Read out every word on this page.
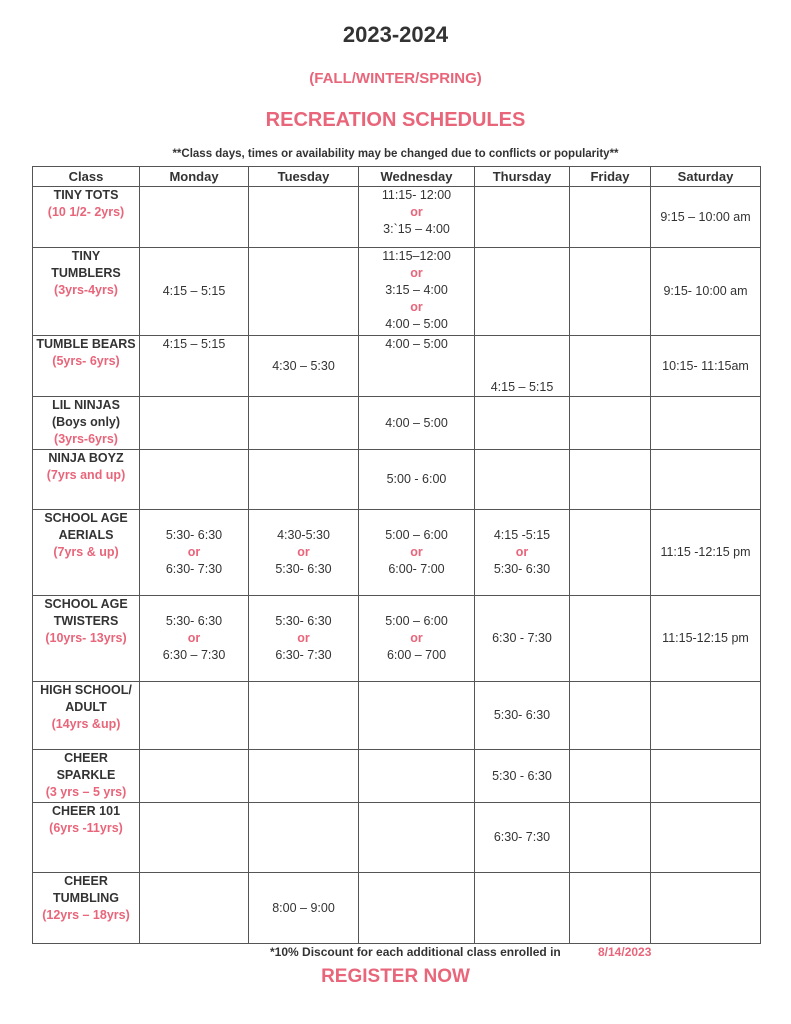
2023-2024
(FALL/WINTER/SPRING)
RECREATION SCHEDULES
**Class days, times or availability may be changed due to conflicts or popularity**
Class	Monday	Tuesday	Wednesday	Thursday	Friday	Saturday

TINY TOTS
(10 1/2- 2yrs)			11:15- 12:00
or
3:`15 – 4:00			9:15 – 10:00 am

TINY
TUMBLERS
(3yrs-4yrs)	4:15 – 5:15		11:15–12:00
or
3:15 – 4:00
or
4:00 – 5:00			9:15- 10:00 am

TUMBLE BEARS
(5yrs- 6yrs)	4:15 – 5:15	4:30 – 5:30	4:00 – 5:00	4:15 – 5:15		10:15- 11:15am

LIL NINJAS
(Boys only)
(3yrs-6yrs)			4:00 – 5:00			

NINJA BOYZ
(7yrs and up)			5:00 - 6:00			

SCHOOL AGE
AERIALS
(7yrs & up)	5:30- 6:30
or
6:30- 7:30	4:30-5:30
or
5:30- 6:30	5:00 – 6:00
or
6:00- 7:00	4:15 -5:15
or
5:30- 6:30		11:15 -12:15 pm

SCHOOL AGE
TWISTERS
(10yrs- 13yrs)	5:30- 6:30
or
6:30 – 7:30	5:30- 6:30
or
6:30- 7:30	5:00 – 6:00
or
6:00 – 700	6:30 - 7:30		11:15-12:15 pm

HIGH SCHOOL/
ADULT
(14yrs &up)				5:30- 6:30		

CHEER
SPARKLE
(3 yrs – 5 yrs)				5:30 - 6:30		

CHEER 101
(6yrs -11yrs)				6:30- 7:30		

CHEER
TUMBLING
(12yrs – 18yrs)		8:00 – 9:00				

*10% Discount for each additional class enrolled in	8/14/2023
REGISTER NOW
